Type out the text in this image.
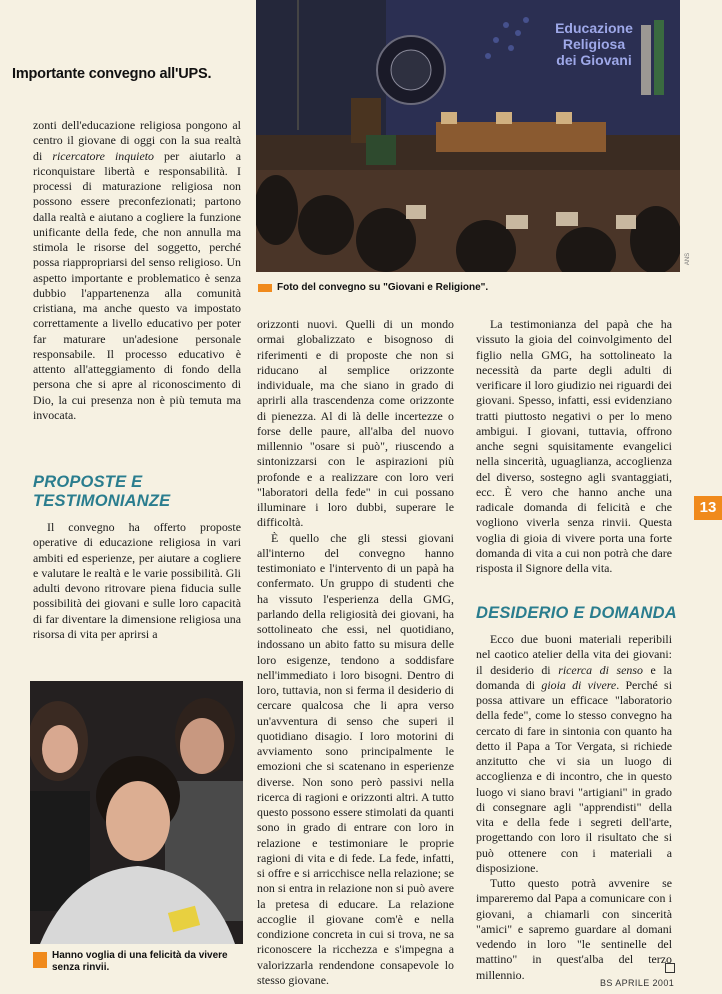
Educazione
Religiosa
dei Giovani
ANS
Foto del convegno su "Giovani e Religione".
Importante convegno all'UPS.

zonti dell'educazione religiosa pongono al centro il giovane di oggi con la sua realtà di ricercatore inquieto per aiutarlo a riconquistare libertà e responsabilità. I processi di maturazione religiosa non possono essere preconfezionati; partono dalla realtà e aiutano a cogliere la funzione unificante della fede, che non annulla ma stimola le risorse del soggetto, perché possa riappropriarsi del senso religioso. Un aspetto importante e problematico è senza dubbio l'appartenenza alla comunità cristiana, ma anche questo va impostato correttamente a livello educativo per poter far maturare un'adesione personale responsabile. Il processo educativo è attento all'atteggiamento di fondo della persona che si apre al riconoscimento di Dio, la cui presenza non è più temuta ma invocata.

PROPOSTE E TESTIMONIANZE

Il convegno ha offerto proposte operative di educazione religiosa in vari ambiti ed esperienze, per aiutare a cogliere e valutare le realtà e le varie possibilità. Gli adulti devono ritrovare piena fiducia sulle possibilità dei giovani e sulle loro capacità di far diventare la dimensione religiosa una risorsa di vita per aprirsi a

Hanno voglia di una felicità da vivere senza rinvii.

orizzonti nuovi. Quelli di un mondo ormai globalizzato e bisognoso di riferimenti e di proposte che non si riducano al semplice orizzonte individuale, ma che siano in grado di aprirli alla trascendenza come orizzonte di pienezza. Al di là delle incertezze o forse delle paure, all'alba del nuovo millennio "osare si può", riuscendo a sintonizzarsi con le aspirazioni più profonde e a realizzare con loro veri "laboratori della fede" in cui possano illuminare i loro dubbi, superare le difficoltà.

È quello che gli stessi giovani all'interno del convegno hanno testimoniato e l'intervento di un papà ha confermato. Un gruppo di studenti che ha vissuto l'esperienza della GMG, parlando della religiosità dei giovani, ha sottolineato che essi, nel quotidiano, indossano un abito fatto su misura delle loro esigenze, tendono a soddisfare nell'immediato i loro bisogni. Dentro di loro, tuttavia, non si ferma il desiderio di cercare qualcosa che li apra verso un'avventura di senso che superi il quotidiano disagio. I loro motorini di avviamento sono principalmente le emozioni che si scatenano in esperienze diverse. Non sono però passivi nella ricerca di ragioni e orizzonti altri. A tutto questo possono essere stimolati da quanti sono in grado di entrare con loro in relazione e testimoniare le proprie ragioni di vita e di fede. La fede, infatti, si offre e si arricchisce nella relazione; se non si entra in relazione non si può avere la pretesa di educare. La relazione accoglie il giovane com'è e nella condizione concreta in cui si trova, ne sa riconoscere la ricchezza e s'impegna a valorizzarla rendendone consapevole lo stesso giovane.

La testimonianza del papà che ha vissuto la gioia del coinvolgimento del figlio nella GMG, ha sottolineato la necessità da parte degli adulti di verificare il loro giudizio nei riguardi dei giovani. Spesso, infatti, essi evidenziano tratti piuttosto negativi o per lo meno ambigui. I giovani, tuttavia, offrono anche segni squisitamente evangelici nella sincerità, uguaglianza, accoglienza del diverso, sostegno agli svantaggiati, ecc. È vero che hanno anche una radicale domanda di felicità e che vogliono viverla senza rinvii. Questa voglia di gioia di vivere porta una forte domanda di vita a cui non potrà che dare risposta il Signore della vita.

DESIDERIO E DOMANDA

Ecco due buoni materiali reperibili nel caotico atelier della vita dei giovani: il desiderio di ricerca di senso e la domanda di gioia di vivere. Perché si possa attivare un efficace "laboratorio della fede", come lo stesso convegno ha cercato di fare in sintonia con quanto ha detto il Papa a Tor Vergata, si richiede anzitutto che vi sia un luogo di accoglienza e di incontro, che in questo luogo vi siano bravi "artigiani" in grado di consegnare agli "apprendisti" della vita e della fede i segreti dell'arte, progettando con loro il risultato che si può ottenere con i materiali a disposizione.

Tutto questo potrà avvenire se impareremo dal Papa a comunicare con i giovani, a chiamarli con sincerità "amici" e sapremo guardare al domani vedendo in loro "le sentinelle del mattino" in quest'alba del terzo millennio.

13
BS APRILE 2001
